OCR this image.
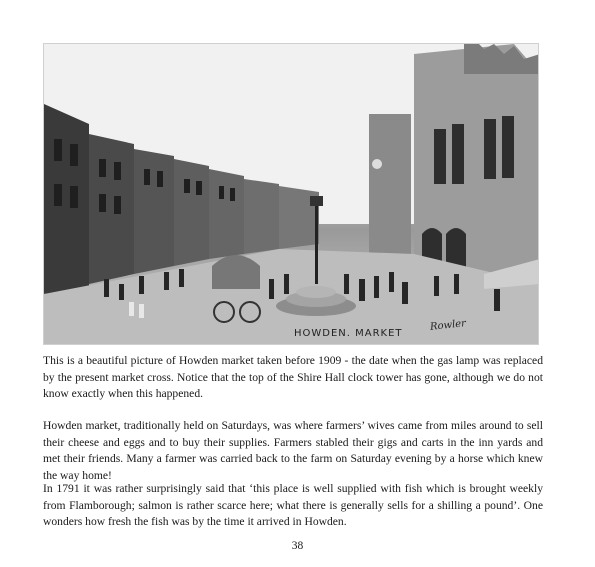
HOWDEN. MARKET
Rowler

This is a beautiful picture of Howden market taken before 1909 - the date when the gas lamp was replaced by the present market cross. Notice that the top of the Shire Hall clock tower has gone, although we do not know exactly when this happened.

Howden market, traditionally held on Saturdays, was where farmers’ wives came from miles around to sell their cheese and eggs and to buy their supplies. Farmers stabled their gigs and carts in the inn yards and met their friends. Many a farmer was carried back to the farm on Saturday evening by a horse which knew the way home!

In 1791 it was rather surprisingly said that ‘this place is well supplied with fish which is brought weekly from Flamborough; salmon is rather scarce here; what there is generally sells for a shilling a pound’. One wonders how fresh the fish was by the time it arrived in Howden.

38
